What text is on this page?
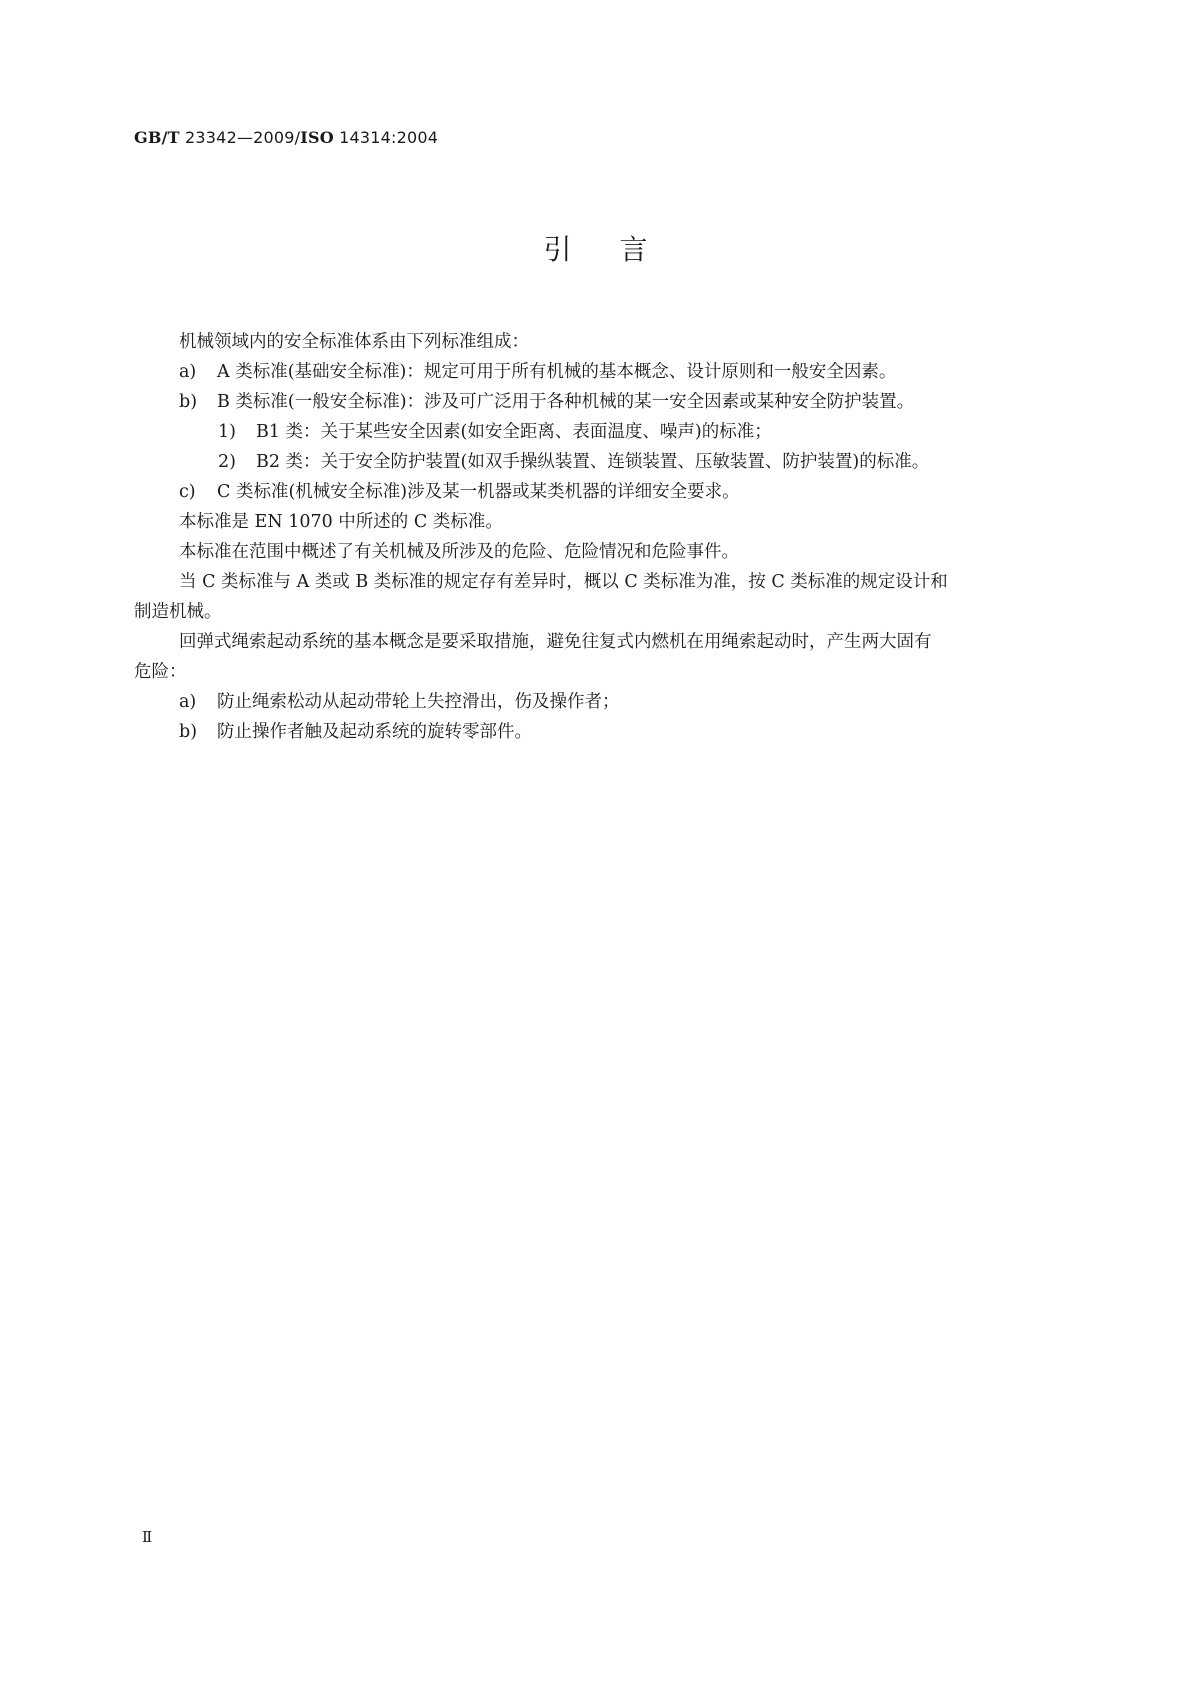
GB/T 23342—2009/ISO 14314:2004
引言

机械领域内的安全标准体系由下列标准组成：

a) A 类标准(基础安全标准)：规定可用于所有机械的基本概念、设计原则和一般安全因素。

b) B 类标准(一般安全标准)：涉及可广泛用于各种机械的某一安全因素或某种安全防护装置。

1) B1 类：关于某些安全因素(如安全距离、表面温度、噪声)的标准；

2) B2 类：关于安全防护装置(如双手操纵装置、连锁装置、压敏装置、防护装置)的标准。

c) C 类标准(机械安全标准)涉及某一机器或某类机器的详细安全要求。

本标准是 EN 1070 中所述的 C 类标准。

本标准在范围中概述了有关机械及所涉及的危险、危险情况和危险事件。

当 C 类标准与 A 类或 B 类标准的规定存有差异时，概以 C 类标准为准，按 C 类标准的规定设计和

制造机械。

回弹式绳索起动系统的基本概念是要采取措施，避免往复式内燃机在用绳索起动时，产生两大固有

危险：

a) 防止绳索松动从起动带轮上失控滑出，伤及操作者；

b) 防止操作者触及起动系统的旋转零部件。

Ⅱ
